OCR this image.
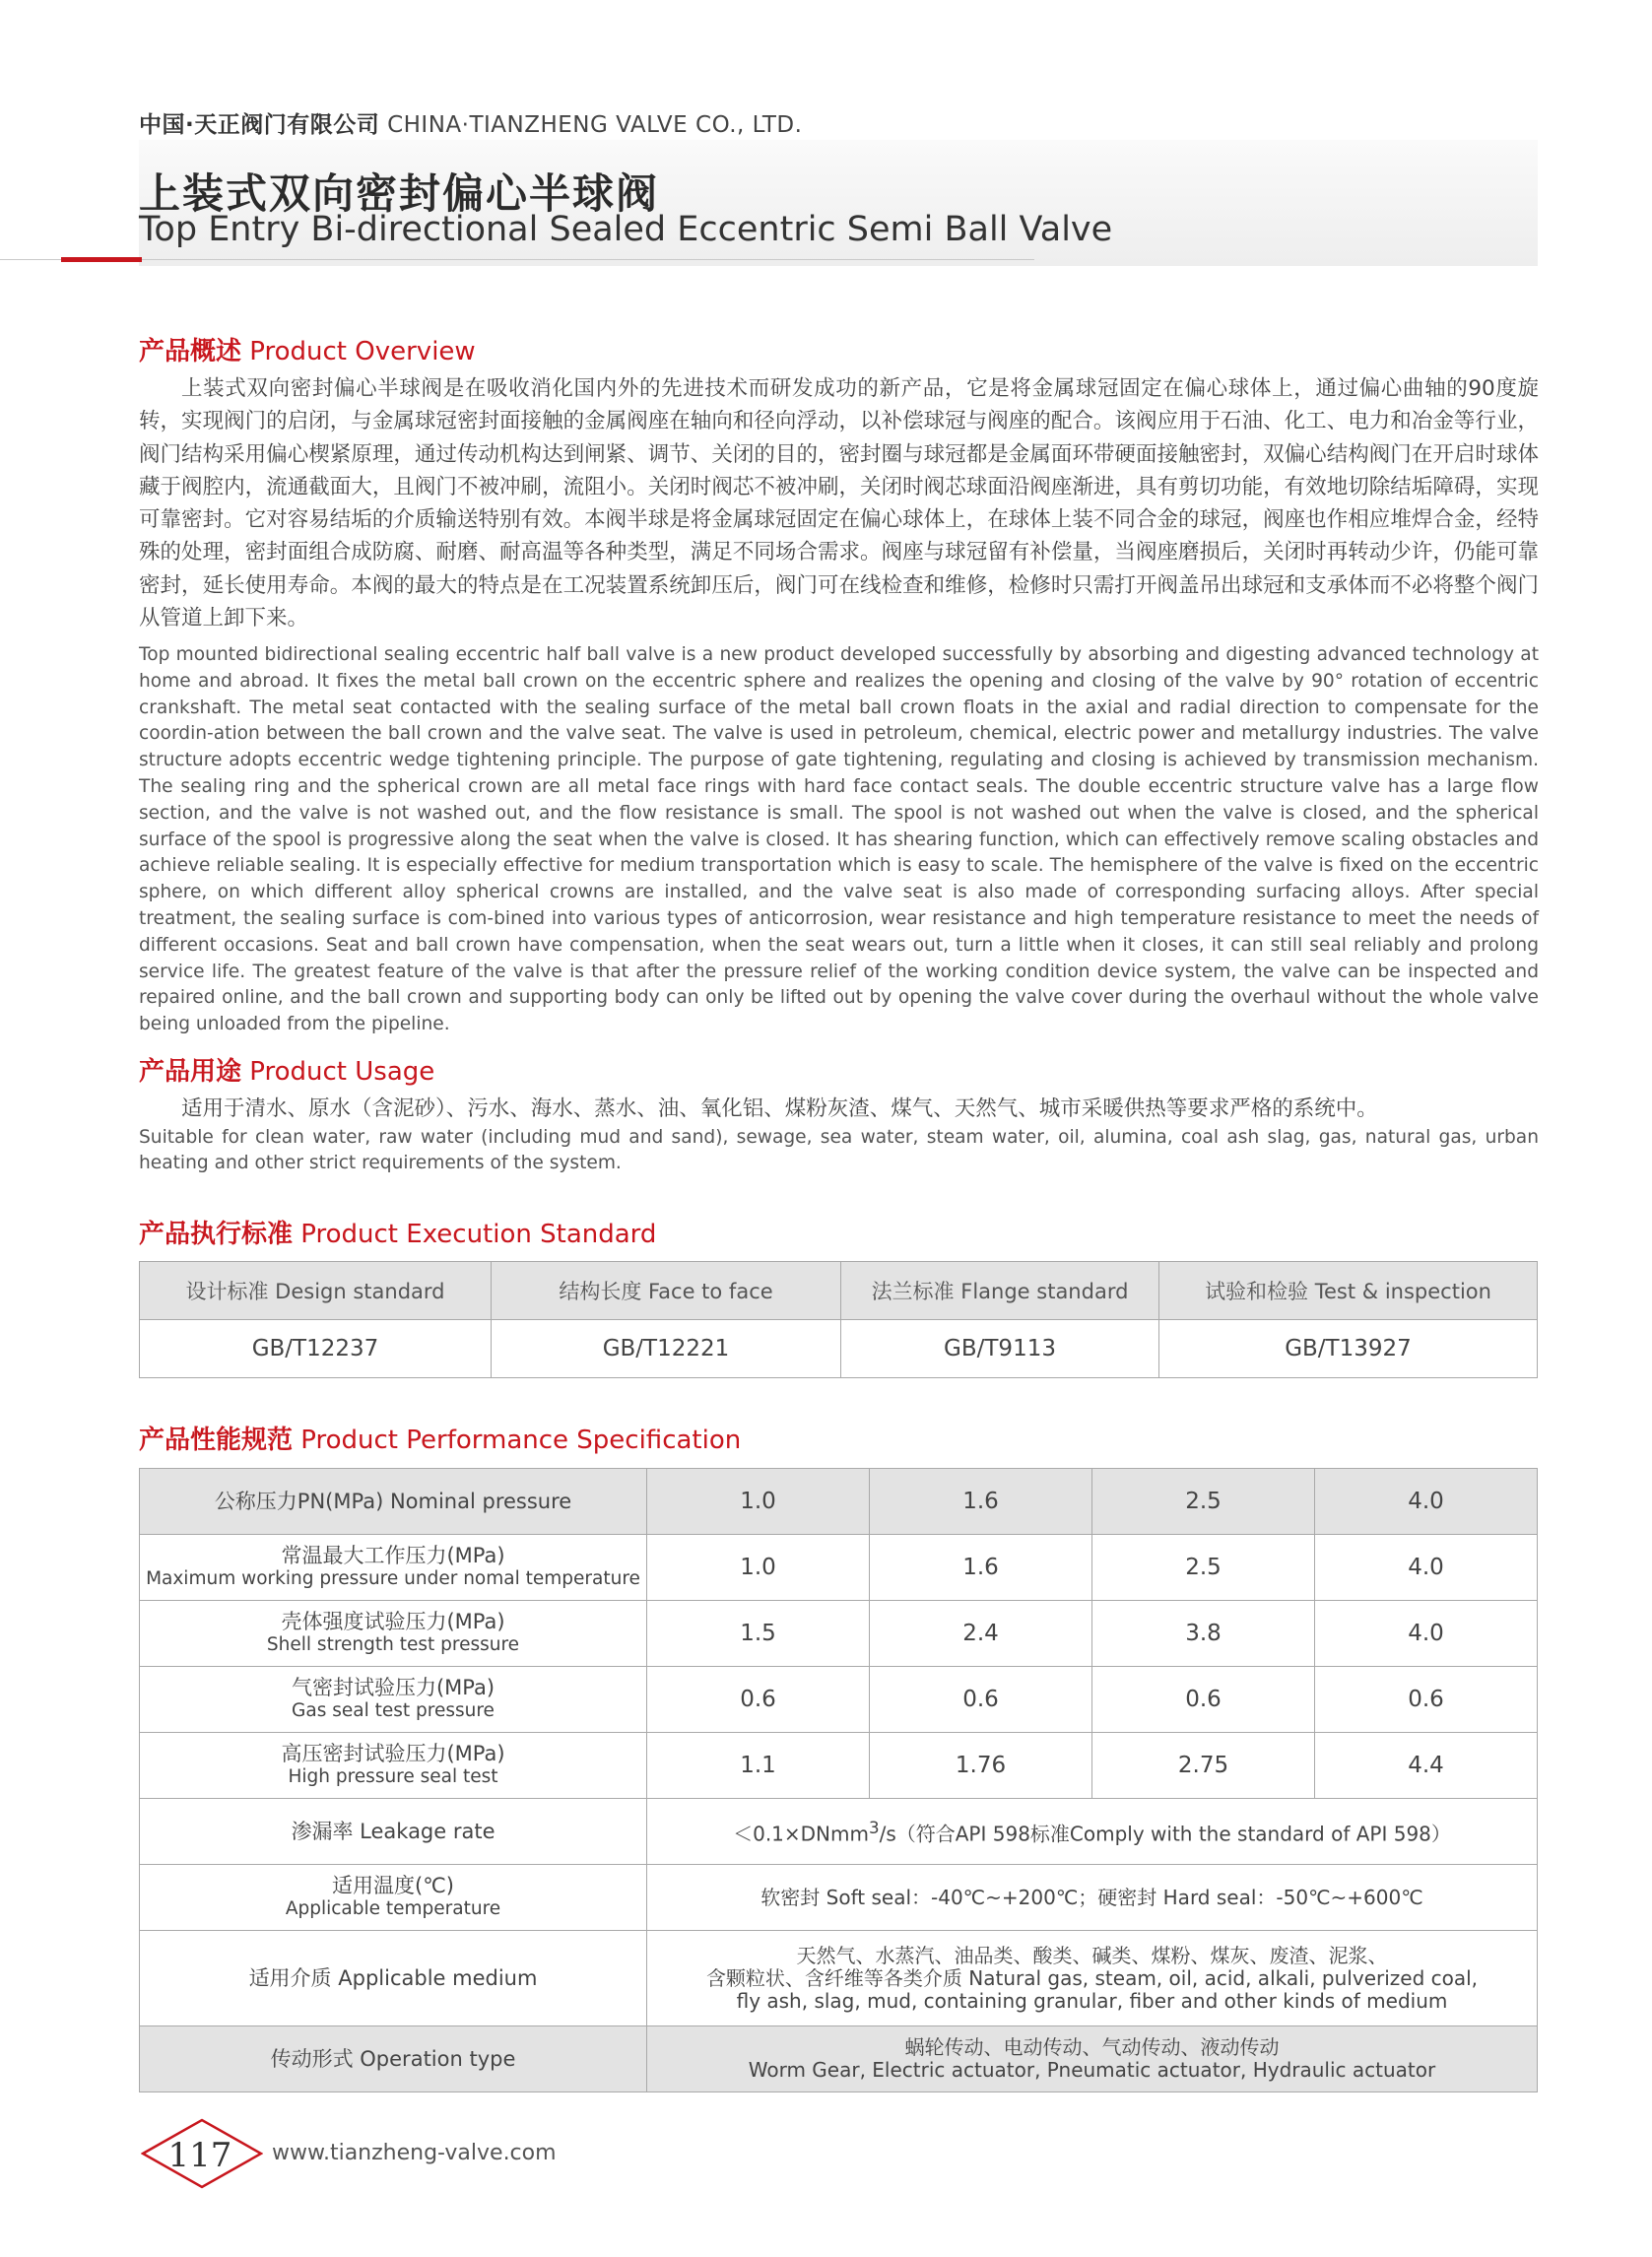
中国·天正阀门有限公司 CHINA·TIANZHENG VALVE CO., LTD.
上装式双向密封偏心半球阀
Top Entry Bi-directional Sealed Eccentric Semi Ball Valve
产品概述 Product Overview
上装式双向密封偏心半球阀是在吸收消化国内外的先进技术而研发成功的新产品，它是将金属球冠固定在偏心球体上，通过偏心曲轴的90度旋转，实现阀门的启闭，与金属球冠密封面接触的金属阀座在轴向和径向浮动，以补偿球冠与阀座的配合。该阀应用于石油、化工、电力和冶金等行业，阀门结构采用偏心楔紧原理，通过传动机构达到闸紧、调节、关闭的目的，密封圈与球冠都是金属面环带硬面接触密封，双偏心结构阀门在开启时球体藏于阀腔内，流通截面大，且阀门不被冲刷，流阻小。关闭时阀芯不被冲刷，关闭时阀芯球面沿阀座渐进，具有剪切功能，有效地切除结垢障碍，实现可靠密封。它对容易结垢的介质输送特别有效。本阀半球是将金属球冠固定在偏心球体上，在球体上装不同合金的球冠，阀座也作相应堆焊合金，经特殊的处理，密封面组合成防腐、耐磨、耐高温等各种类型，满足不同场合需求。阀座与球冠留有补偿量，当阀座磨损后，关闭时再转动少许，仍能可靠密封，延长使用寿命。本阀的最大的特点是在工况装置系统卸压后，阀门可在线检查和维修，检修时只需打开阀盖吊出球冠和支承体而不必将整个阀门从管道上卸下来。
Top mounted bidirectional sealing eccentric half ball valve is a new product developed successfully by absorbing and digesting advanced technology at home and abroad. It fixes the metal ball crown on the eccentric sphere and realizes the opening and closing of the valve by 90° rotation of eccentric crankshaft. The metal seat contacted with the sealing surface of the metal ball crown floats in the axial and radial direction to compensate for the coordin-ation between the ball crown and the valve seat. The valve is used in petroleum, chemical, electric power and metallurgy industries. The valve structure adopts eccentric wedge tightening principle. The purpose of gate tightening, regulating and closing is achieved by transmission mechanism. The sealing ring and the spherical crown are all metal face rings with hard face contact seals. The double eccentric structure valve has a large flow section, and the valve is not washed out, and the flow resistance is small. The spool is not washed out when the valve is closed, and the spherical surface of the spool is progressive along the seat when the valve is closed. It has shearing function, which can effectively remove scaling obstacles and achieve reliable sealing. It is especially effective for medium transportation which is easy to scale. The hemisphere of the valve is fixed on the eccentric sphere, on which different alloy spherical crowns are installed, and the valve seat is also made of corresponding surfacing alloys. After special treatment, the sealing surface is com-bined into various types of anticorrosion, wear resistance and high temperature resistance to meet the needs of different occasions. Seat and ball crown have compensation, when the seat wears out, turn a little when it closes, it can still seal reliably and prolong service life. The greatest feature of the valve is that after the pressure relief of the working condition device system, the valve can be inspected and repaired online, and the ball crown and supporting body can only be lifted out by opening the valve cover during the overhaul without the whole valve being unloaded from the pipeline.
产品用途 Product Usage
适用于清水、原水（含泥砂）、污水、海水、蒸水、油、氧化铝、煤粉灰渣、煤气、天然气、城市采暖供热等要求严格的系统中。
Suitable for clean water, raw water (including mud and sand), sewage, sea water, steam water, oil, alumina, coal ash slag, gas, natural gas, urban heating and other strict requirements of the system.
产品执行标准 Product Execution Standard
设计标准 Design standard	结构长度 Face to face	法兰标准 Flange standard	试验和检验 Test & inspection
GB/T12237	GB/T12221	GB/T9113	GB/T13927
产品性能规范 Product Performance Specification
公称压力PN(MPa) Nominal pressure	1.0	1.6	2.5	4.0
常温最大工作压力(MPa)
Maximum working pressure under nomal temperature	1.0	1.6	2.5	4.0
壳体强度试验压力(MPa)
Shell strength test pressure	1.5	2.4	3.8	4.0
气密封试验压力(MPa)
Gas seal test pressure	0.6	0.6	0.6	0.6
高压密封试验压力(MPa)
High pressure seal test	1.1	1.76	2.75	4.4
渗漏率 Leakage rate	＜0.1×DNmm$^3$/s（符合API 598标准Comply with the standard of API 598）			
适用温度(℃)
Applicable temperature	软密封 Soft seal：-40℃~+200℃；硬密封 Hard seal：-50℃~+600℃			
适用介质 Applicable medium	天然气、水蒸汽、油品类、酸类、碱类、煤粉、煤灰、废渣、泥浆、
含颗粒状、含纤维等各类介质 Natural gas, steam, oil, acid, alkali, pulverized coal,
fly ash, slag, mud, containing granular, fiber and other kinds of medium			

传动形式 Operation type	蜗轮传动、电动传动、气动传动、液动传动
Worm Gear, Electric actuator, Pneumatic actuator, Hydraulic actuator			
117	www.tianzheng-valve.com
